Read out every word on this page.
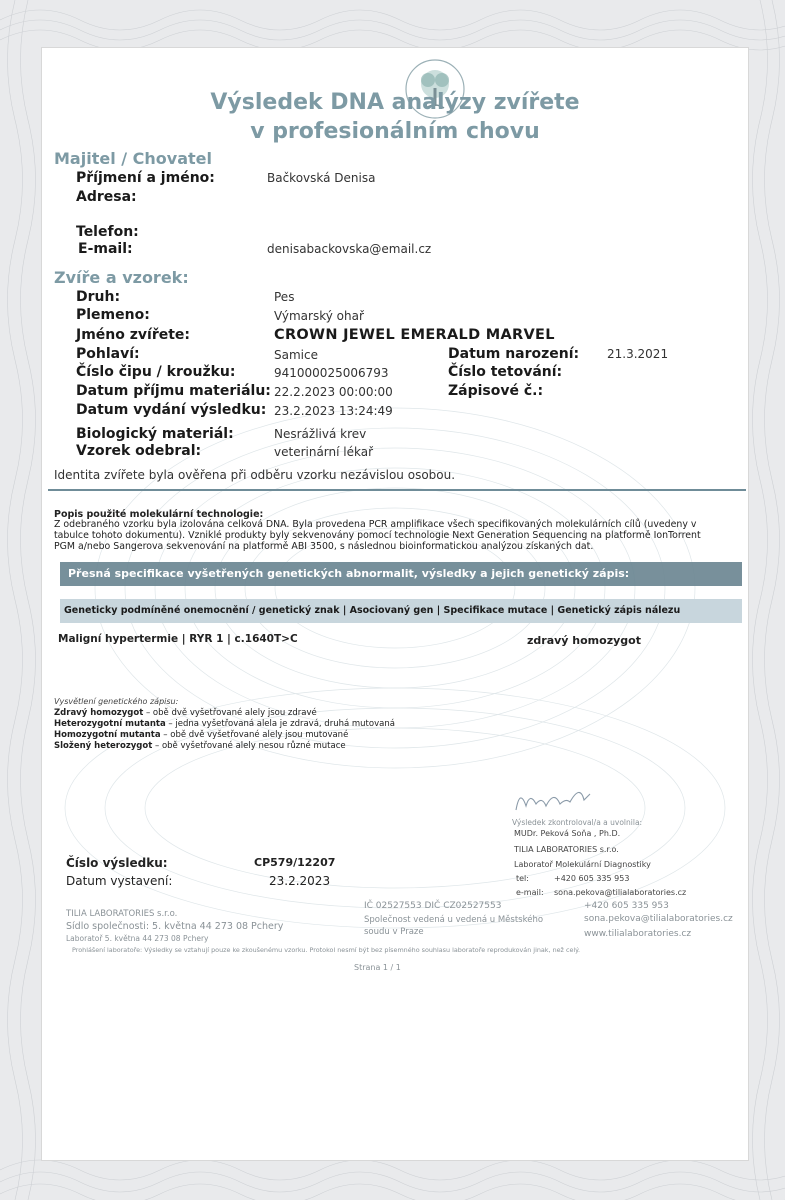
Výsledek DNA analýzy zvířete
v profesionálním chovu
Majitel / Chovatel
Příjmení a jméno:	Bačkovská Denisa
Adresa:
Telefon:
E-mail:	denisabackovska@email.cz
Zvíře a vzorek:
Druh:	Pes
Plemeno:	Výmarský ohař
Jméno zvířete:	CROWN JEWEL EMERALD MARVEL
Pohlaví:	Samice	Datum narození: 21.3.2021
Číslo čipu / kroužku:	941000025006793	Číslo tetování:
Datum příjmu materiálu: 22.2.2023 00:00:00	Zápisové č.:
Datum vydání výsledku: 23.2.2023 13:24:49
Biologický materiál:	Nesrážlivá krev
Vzorek odebral:	veterinární lékař
Identita zvířete byla ověřena při odběru vzorku nezávislou osobou.
Popis použité molekulární technologie:
Z odebraného vzorku byla izolována celková DNA. Byla provedena PCR amplifikace všech specifikovaných molekulárních cílů (uvedeny v
tabulce tohoto dokumentu). Vzniklé produkty byly sekvenovány pomocí technologie Next Generation Sequencing na platformě IonTorrent
PGM a/nebo Sangerova sekvenování na platformě ABI 3500, s následnou bioinformatickou analýzou získaných dat.
Přesná specifikace vyšetřených genetických abnormalit, výsledky a jejich genetický zápis:
Geneticky podmíněné onemocnění / genetický znak | Asociovaný gen | Specifikace mutace | Genetický zápis nálezu
Maligní hypertermie | RYR 1 | c.1640T>C	zdravý homozygot
Vysvětlení genetického zápisu:
Zdravý homozygot – obě dvě vyšetřované alely jsou zdravé
Heterozygotní mutanta – jedna vyšetřovaná alela je zdravá, druhá mutovaná
Homozygotní mutanta – obě dvě vyšetřované alely jsou mutované
Složený heterozygot – obě vyšetřované alely nesou různé mutace
Výsledek zkontroloval/a a uvolnila:
MUDr. Peková Soňa , Ph.D.
TILIA LABORATORIES s.r.o.
Laboratoř Molekulární Diagnostiky
tel:	+420 605 335 953
e-mail: sona.pekova@tilialaboratories.cz
Číslo výsledku:	CP579/12207
Datum vystavení:	23.2.2023
TILIA LABORATORIES s.r.o.
Sídlo společnosti: 5. května 44 273 08 Pchery
Laboratoř 5. května 44 273 08 Pchery
IČ 02527553 DIČ CZ02527553
Společnost vedená u vedená u Městského
soudu v Praze
+420 605 335 953
sona.pekova@tilialaboratories.cz
www.tilialaboratories.cz
Prohlášení laboratoře: Výsledky se vztahují pouze ke zkoušenému vzorku. Protokol nesmí být bez písemného souhlasu laboratoře reprodukován jinak, než celý.
Strana 1 / 1
